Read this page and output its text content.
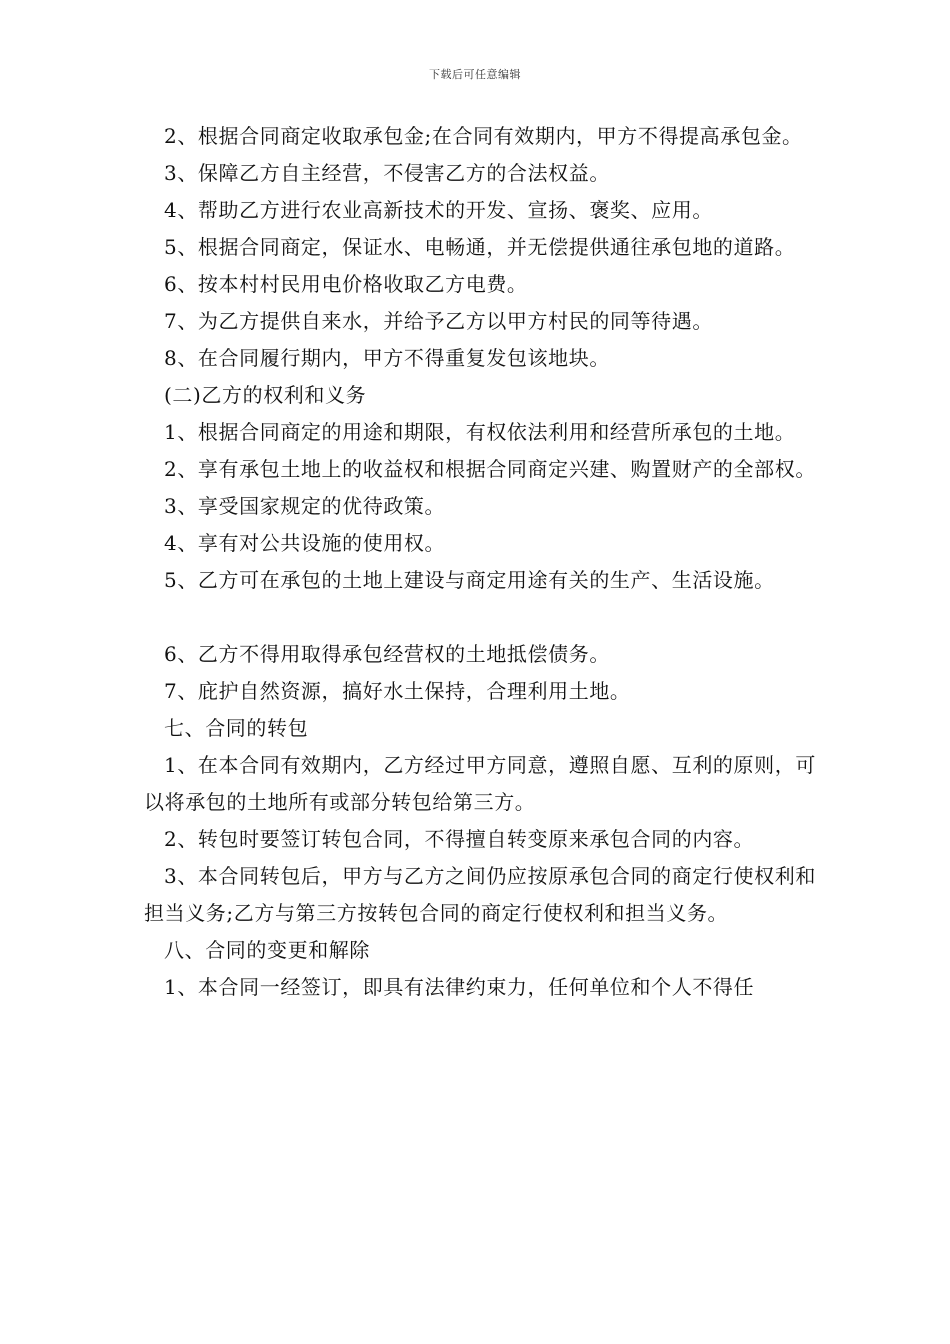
下载后可任意编辑

2、根据合同商定收取承包金;在合同有效期内，甲方不得提高承包金。

3、保障乙方自主经营，不侵害乙方的合法权益。

4、帮助乙方进行农业高新技术的开发、宣扬、褒奖、应用。

5、根据合同商定，保证水、电畅通，并无偿提供通往承包地的道路。

6、按本村村民用电价格收取乙方电费。

7、为乙方提供自来水，并给予乙方以甲方村民的同等待遇。

8、在合同履行期内，甲方不得重复发包该地块。

(二)乙方的权利和义务

1、根据合同商定的用途和期限，有权依法利用和经营所承包的土地。

2、享有承包土地上的收益权和根据合同商定兴建、购置财产的全部权。

3、享受国家规定的优待政策。

4、享有对公共设施的使用权。

5、乙方可在承包的土地上建设与商定用途有关的生产、生活设施。

6、乙方不得用取得承包经营权的土地抵偿债务。

7、庇护自然资源，搞好水土保持，合理利用土地。

七、合同的转包

1、在本合同有效期内，乙方经过甲方同意，遵照自愿、互利的原则，可以将承包的土地所有或部分转包给第三方。

2、转包时要签订转包合同，不得擅自转变原来承包合同的内容。

3、本合同转包后，甲方与乙方之间仍应按原承包合同的商定行使权利和担当义务;乙方与第三方按转包合同的商定行使权利和担当义务。

八、合同的变更和解除

1、本合同一经签订，即具有法律约束力，任何单位和个人不得任
